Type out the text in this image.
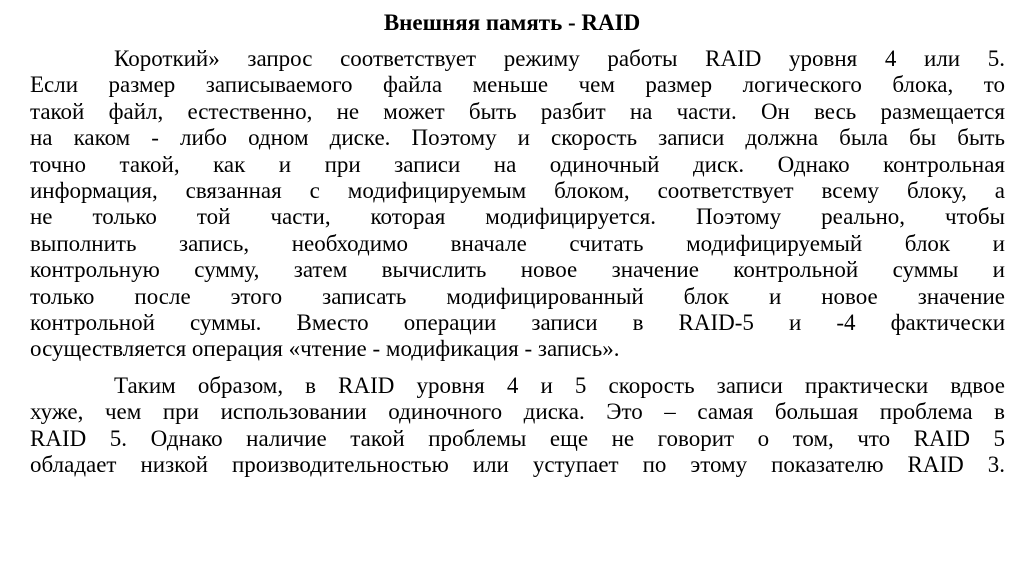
Внешняя память - RAID
Короткий» запрос соответствует режиму работы RAID уровня 4 или 5.
Если размер записываемого файла меньше чем размер логического блока, то
такой файл, естественно, не может быть разбит на части. Он весь размещается
на каком - либо одном диске. Поэтому и скорость записи должна была бы быть
точно такой, как и при записи на одиночный диск. Однако контрольная
информация, связанная с модифицируемым блоком, соответствует всему блоку, а
не только той части, которая модифицируется. Поэтому реально, чтобы
выполнить запись, необходимо вначале считать модифицируемый блок и
контрольную сумму, затем вычислить новое значение контрольной суммы и
только после этого записать модифицированный блок и новое значение
контрольной суммы. Вместо операции записи в RAID-5 и -4 фактически
осуществляется операция «чтение - модификация - запись».
Таким образом, в RAID уровня 4 и 5 скорость записи практически вдвое
хуже, чем при использовании одиночного диска. Это – самая большая проблема в
RAID 5. Однако наличие такой проблемы еще не говорит о том, что RAID 5
обладает низкой производительностью или уступает по этому показателю RAID 3.
